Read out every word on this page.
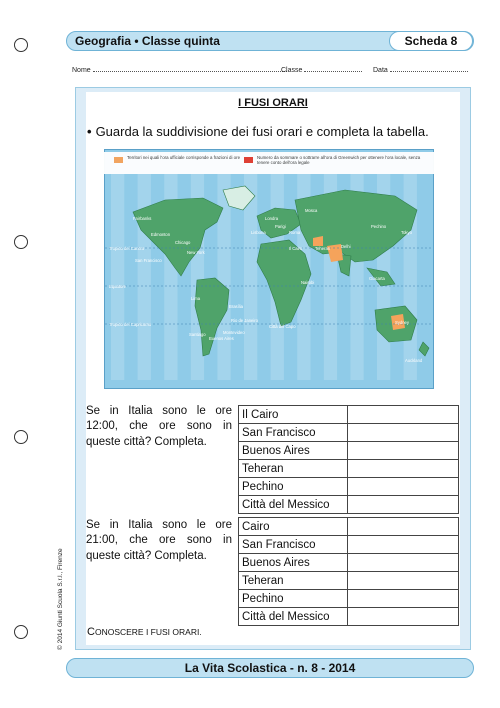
Geografia • Classe quinta	Scheda 8
Nome	Classe	Data
I FUSI ORARI
• Guarda la suddivisione dei fusi orari e completa la tabella.
Fairbanks
Edmonton
Chicago
New York
San Francisco
Tropico del Cancro
Equatore
Tropico del Capricorno
Lima
Santiago
Buenos Aires
Montevideo
Rio de Janeiro
Brasília
Lisbona
Londra
Parigi
Roma
Mosca
Il Cairo	Teheran	Delhi
Pechino
Tokyo
Giacarta
Sydney
Città del Capo
Nairobi
Auckland
Territori nei quali l'ora ufficiale corrisponde a frazioni di ore	Numero da sommare o sottrarre all'ora di Greenwich per ottenere l'ora locale, senza tenere conto dell'ora legale
Se in Italia sono le ore 12:00, che ore sono in queste città? Completa.
Il Cairo	
San Francisco	
Buenos Aires	
Teheran	
Pechino	
Città del Messico	
Se in Italia sono le ore 21:00, che ore sono in queste città? Completa.
Cairo	
San Francisco	
Buenos Aires	
Teheran	
Pechino	
Città del Messico	
CONOSCERE I FUSI ORARI.
© 2014 Giunti Scuola S.r.l., Firenze
La Vita Scolastica - n. 8 - 2014
